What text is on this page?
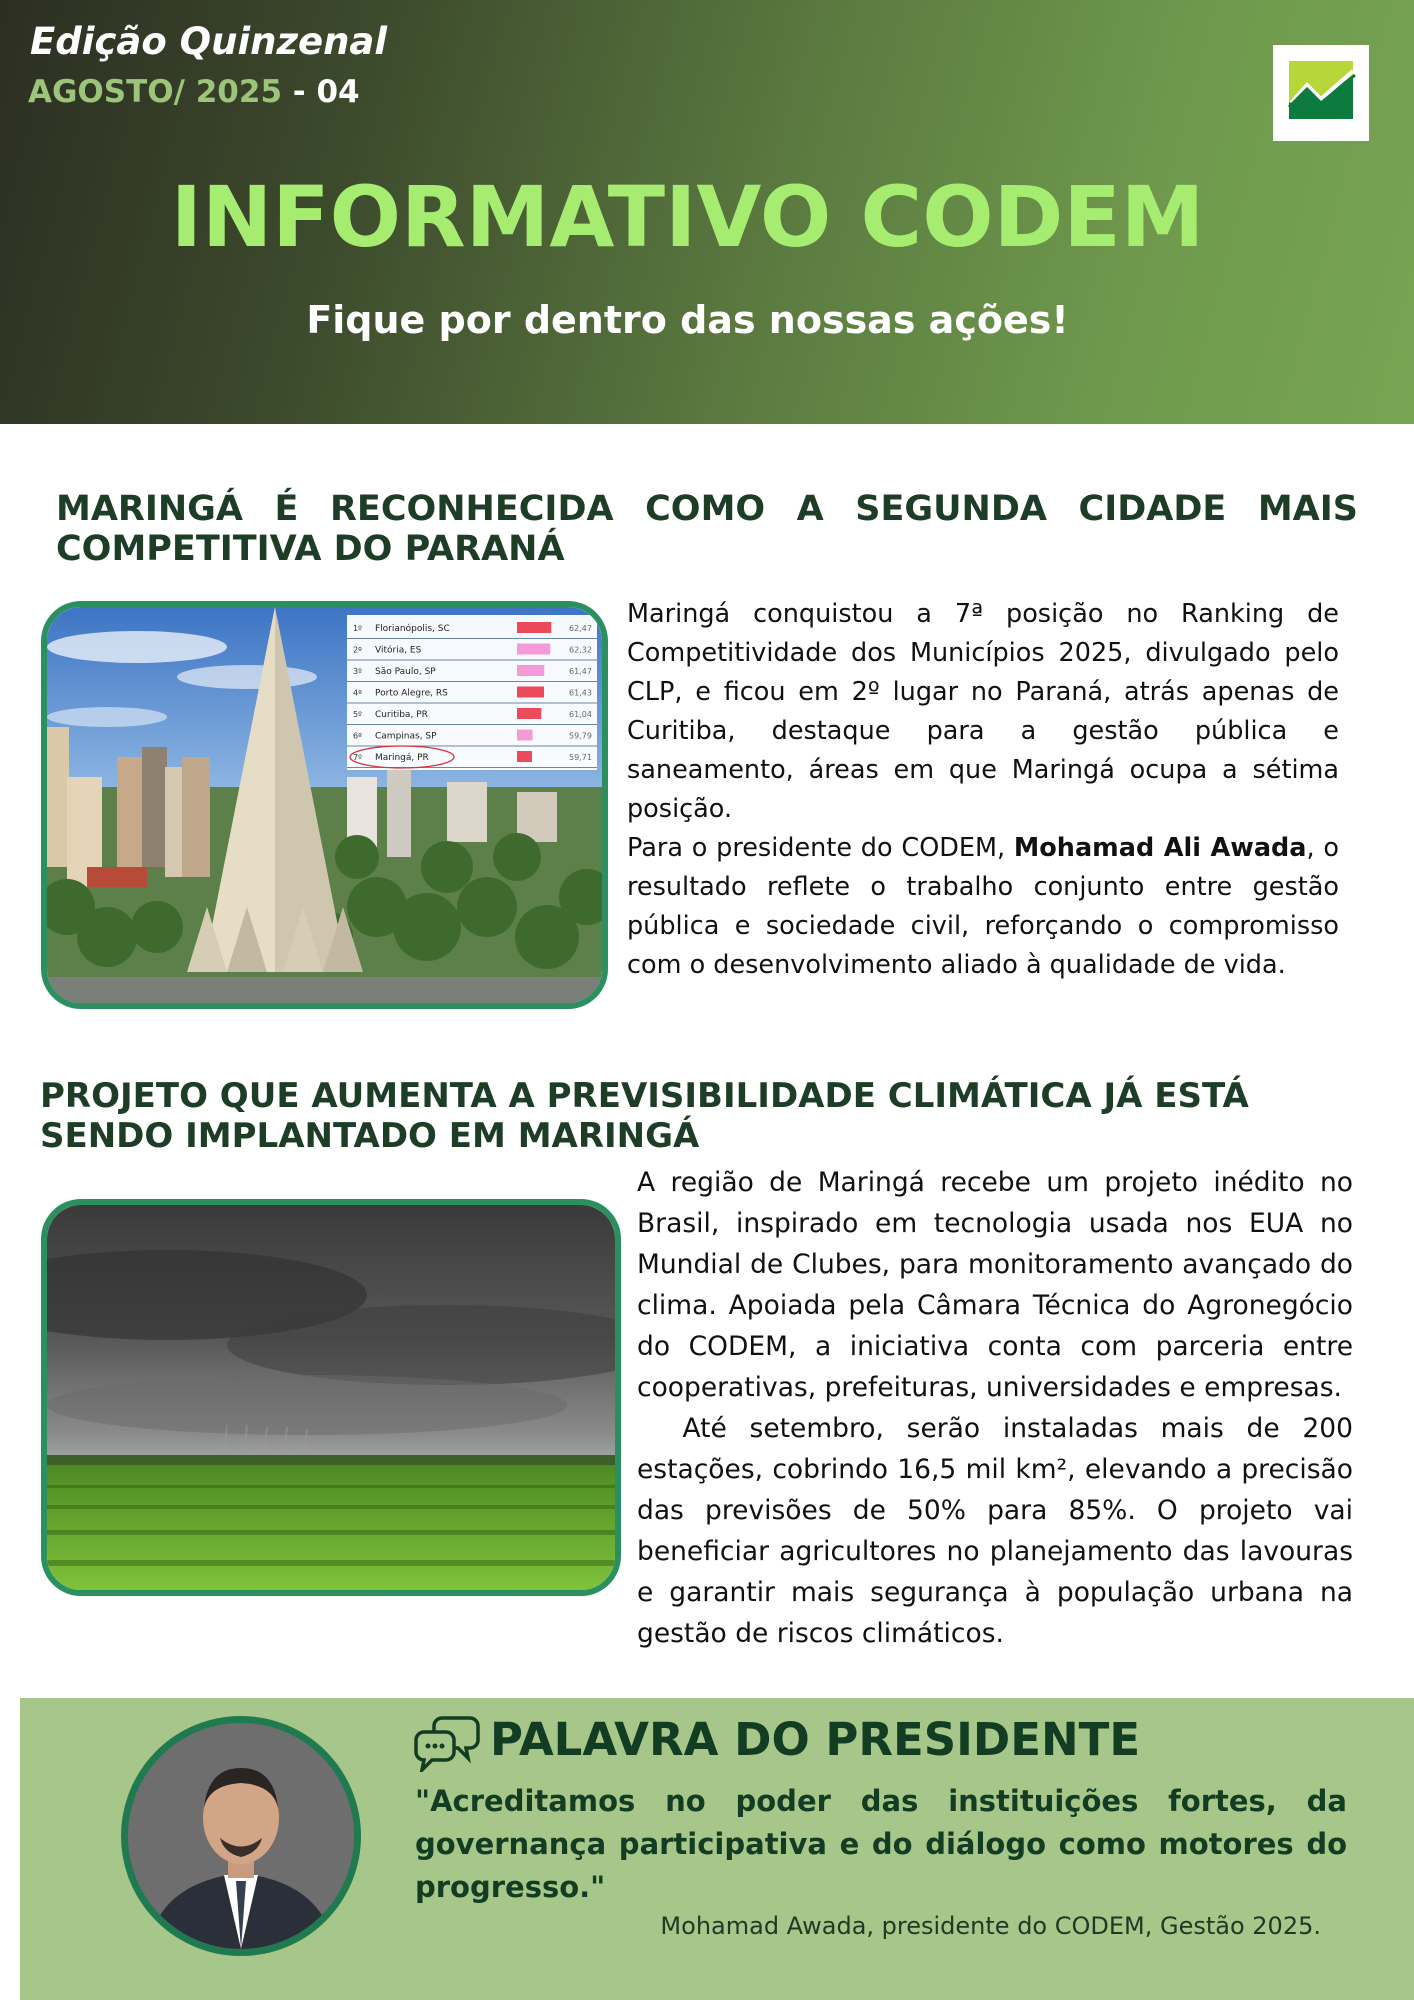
Edição Quinzenal
AGOSTO/ 2025 - 04
INFORMATIVO CODEM
Fique por dentro das nossas ações!
MARINGÁ É RECONHECIDA COMO A SEGUNDA CIDADE MAIS COMPETITIVA DO PARANÁ
1º Florianópolis, SC	62,47
2º Vitória, ES	62,32
3º São Paulo, SP	61,47
4º Porto Alegre, RS	61,43
5º Curitiba, PR	61,04
6º Campinas, SP	59,79
7º Maringá, PR	59,71

Maringá conquistou a 7ª posição no Ranking de Competitividade dos Municípios 2025, divulgado pelo CLP, e ficou em 2º lugar no Paraná, atrás apenas de Curitiba, destaque para a gestão pública e saneamento, áreas em que Maringá ocupa a sétima posição.

Para o presidente do CODEM, Mohamad Ali Awada, o resultado reflete o trabalho conjunto entre gestão pública e sociedade civil, reforçando o compromisso com o desenvolvimento aliado à qualidade de vida.

PROJETO QUE AUMENTA A PREVISIBILIDADE CLIMÁTICA JÁ ESTÁ SENDO IMPLANTADO EM MARINGÁ

A região de Maringá recebe um projeto inédito no Brasil, inspirado em tecnologia usada nos EUA no Mundial de Clubes, para monitoramento avançado do clima. Apoiada pela Câmara Técnica do Agronegócio do CODEM, a iniciativa conta com parceria entre cooperativas, prefeituras, universidades e empresas.

Até setembro, serão instaladas mais de 200 estações, cobrindo 16,5 mil km², elevando a precisão das previsões de 50% para 85%. O projeto vai beneficiar agricultores no planejamento das lavouras e garantir mais segurança à população urbana na gestão de riscos climáticos.

PALAVRA DO PRESIDENTE
"Acreditamos no poder das instituições fortes, da governança participativa e do diálogo como motores do progresso."
Mohamad Awada, presidente do CODEM, Gestão 2025.
